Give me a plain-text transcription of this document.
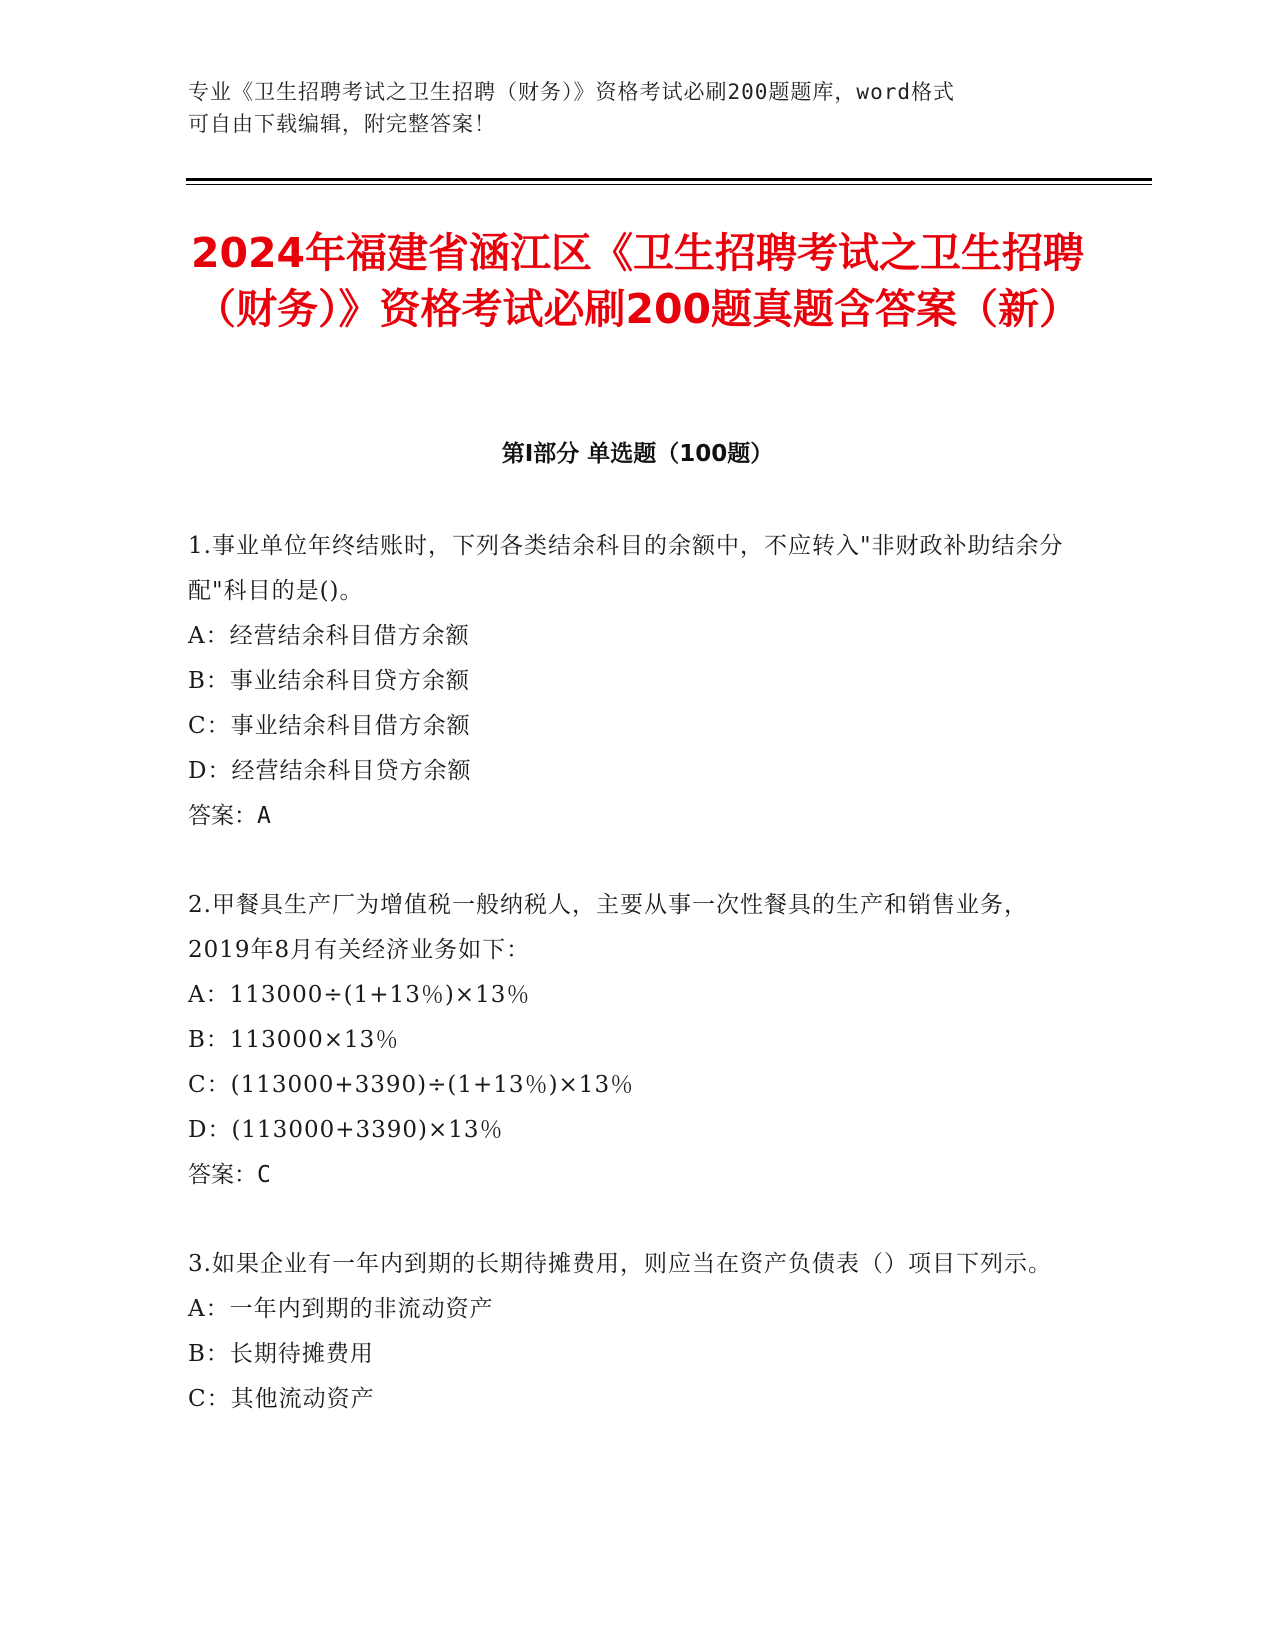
专业《卫生招聘考试之卫生招聘（财务）》资格考试必刷200题题库，word格式
可自由下载编辑，附完整答案！
2024年福建省涵江区《卫生招聘考试之卫生招聘（财务）》资格考试必刷200题真题含答案（新）
第I部分 单选题（100题）
1.事业单位年终结账时，下列各类结余科目的余额中，不应转入"非财政补助结余分配"科目的是()。
A：经营结余科目借方余额
B：事业结余科目贷方余额
C：事业结余科目借方余额
D：经营结余科目贷方余额
答案：A
2.甲餐具生产厂为增值税一般纳税人，主要从事一次性餐具的生产和销售业务，2019年8月有关经济业务如下：
A：113000÷(1+13％)×13％
B：113000×13％
C：(113000+3390)÷(1+13％)×13％
D：(113000+3390)×13％
答案：C
3.如果企业有一年内到期的长期待摊费用，则应当在资产负债表（）项目下列示。
A：一年内到期的非流动资产
B：长期待摊费用
C：其他流动资产
